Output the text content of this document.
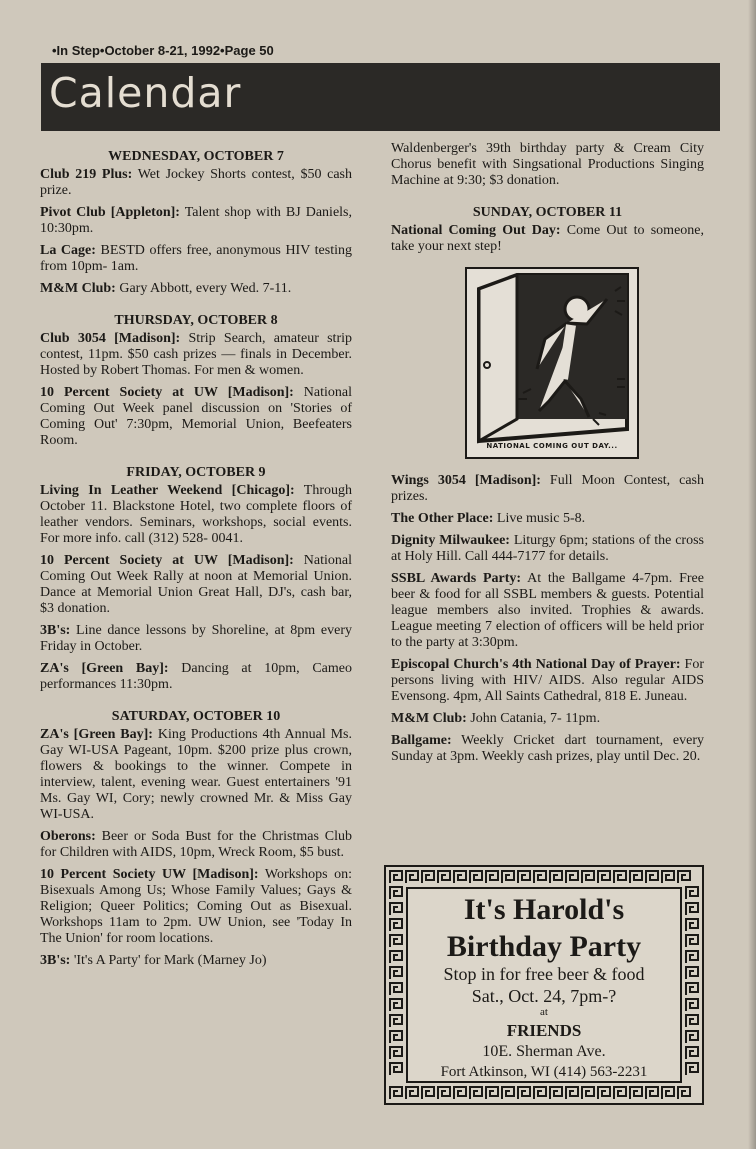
•In Step•October 8-21, 1992•Page 50
Calendar
WEDNESDAY, OCTOBER 7

Club 219 Plus: Wet Jockey Shorts contest, $50 cash prize.

Pivot Club [Appleton]: Talent shop with BJ Daniels, 10:30pm.

La Cage: BESTD offers free, anonymous HIV testing from 10pm- 1am.

M&M Club: Gary Abbott, every Wed. 7-11.

THURSDAY, OCTOBER 8

Club 3054 [Madison]: Strip Search, amateur strip contest, 11pm. $50 cash prizes — finals in December. Hosted by Robert Thomas. For men & women.

10 Percent Society at UW [Madison]: National Coming Out Week panel discussion on 'Stories of Coming Out' 7:30pm, Memorial Union, Beefeaters Room.

FRIDAY, OCTOBER 9

Living In Leather Weekend [Chicago]: Through October 11. Blackstone Hotel, two complete floors of leather vendors. Seminars, workshops, social events. For more info. call (312) 528- 0041.

10 Percent Society at UW [Madison]: National Coming Out Week Rally at noon at Memorial Union. Dance at Memorial Union Great Hall, DJ's, cash bar, $3 donation.

3B's: Line dance lessons by Shoreline, at 8pm every Friday in October.

ZA's [Green Bay]: Dancing at 10pm, Cameo performances 11:30pm.

SATURDAY, OCTOBER 10

ZA's [Green Bay]: King Productions 4th Annual Ms. Gay WI-USA Pageant, 10pm. $200 prize plus crown, flowers & bookings to the winner. Compete in interview, talent, evening wear. Guest entertainers '91 Ms. Gay WI, Cory; newly crowned Mr. & Miss Gay WI-USA.

Oberons: Beer or Soda Bust for the Christmas Club for Children with AIDS, 10pm, Wreck Room, $5 bust.

10 Percent Society UW [Madison]: Workshops on: Bisexuals Among Us; Whose Family Values; Gays & Religion; Queer Politics; Coming Out as Bisexual. Workshops 11am to 2pm. UW Union, see 'Today In The Union' for room locations.

3B's: 'It's A Party' for Mark (Marney Jo)

Waldenberger's 39th birthday party & Cream City Chorus benefit with Singsational Productions Singing Machine at 9:30; $3 donation.

SUNDAY, OCTOBER 11

National Coming Out Day: Come Out to someone, take your next step!

NATIONAL COMING OUT DAY...

Wings 3054 [Madison]: Full Moon Contest, cash prizes.

The Other Place: Live music 5-8.

Dignity Milwaukee: Liturgy 6pm; stations of the cross at Holy Hill. Call 444-7177 for details.

SSBL Awards Party: At the Ballgame 4-7pm. Free beer & food for all SSBL members & guests. Potential league members also invited. Trophies & awards. League meeting 7 election of officers will be held prior to the party at 3:30pm.

Episcopal Church's 4th National Day of Prayer: For persons living with HIV/ AIDS. Also regular AIDS Evensong. 4pm, All Saints Cathedral, 818 E. Juneau.

M&M Club: John Catania, 7- 11pm.

Ballgame: Weekly Cricket dart tournament, every Sunday at 3pm. Weekly cash prizes, play until Dec. 20.

It's Harold's
Birthday Party
Stop in for free beer & food
Sat., Oct. 24, 7pm-?
at
FRIENDS
10E. Sherman Ave.
Fort Atkinson, WI (414) 563-2231
